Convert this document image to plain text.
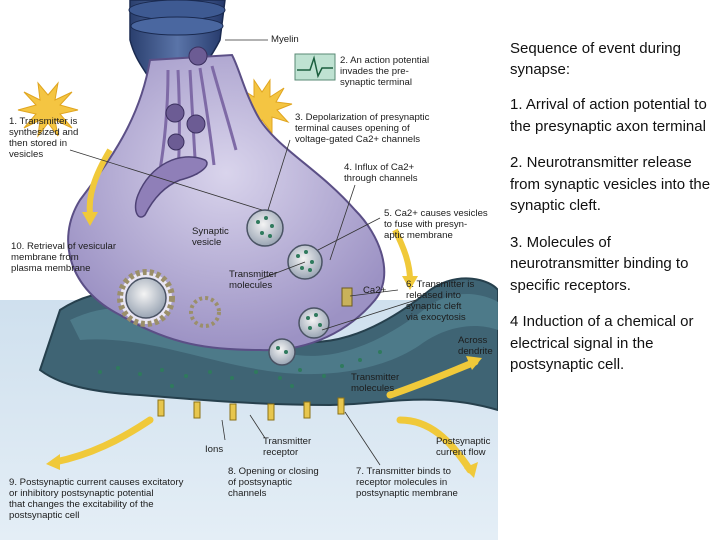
Myelin
2. An action potential
invades the pre-
synaptic terminal
1. Transmitter is
synthesized and
then stored in
vesicles
3. Depolarization of presynaptic
terminal causes opening of
voltage-gated Ca2+ channels
4. Influx of Ca2+
through channels
Synaptic
vesicle
5. Ca2+ causes vesicles
to fuse with presyn-
aptic membrane
10. Retrieval of vesicular
membrane from
plasma membrane
Transmitter
molecules	Ca2+
6. Transmitter is
released into
synaptic cleft
via exocytosis
Across
dendrite
Transmitter
molecules
Ions
Transmitter
receptor
Postsynaptic
current flow
8. Opening or closing
of postsynaptic
channels
7. Transmitter binds to
receptor molecules in
postsynaptic membrane
9. Postsynaptic current causes excitatory
or inhibitory postsynaptic potential
that changes the excitability of the
postsynaptic cell
Sequence of event during synapse:
1. Arrival of action potential to the presynaptic axon terminal
2. Neurotransmitter release from synaptic vesicles into the synaptic cleft.
3. Molecules of neurotransmitter binding to specific receptors.
4 Induction of a chemical or electrical signal in the postsynaptic cell.
